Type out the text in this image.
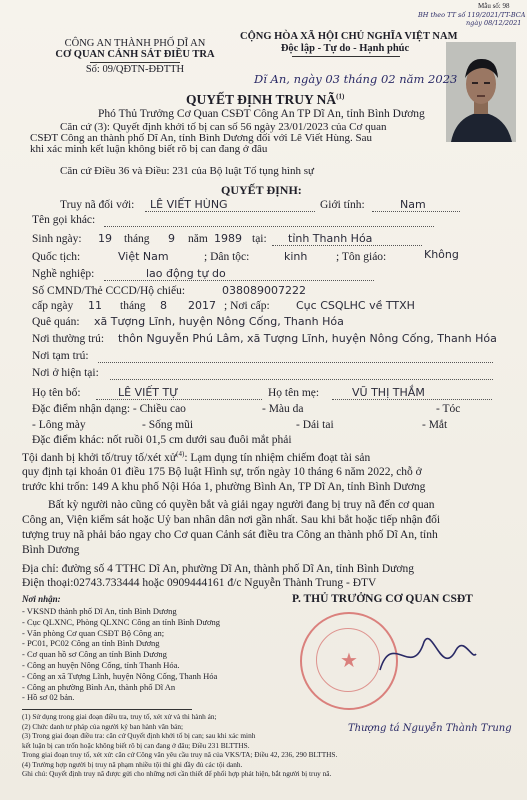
Mẫu số: 98
BH theo TT số 119/2021/TT-BCA
ngày 08/12/2021
CÔNG AN THÀNH PHỐ DĨ AN
CƠ QUAN CẢNH SÁT ĐIỀU TRA
Số: 09/QĐTN-ĐĐTTH
CỘNG HÒA XÃ HỘI CHỦ NGHĨA VIỆT NAM
Độc lập - Tự do - Hạnh phúc
Dĩ An, ngày 03 tháng 02 năm 2023
QUYẾT ĐỊNH TRUY NÃ$^{(1)}$
Phó Thủ Trưởng Cơ Quan CSĐT Công An TP Dĩ An, tỉnh Bình Dương
Căn cứ (3): Quyết định khởi tố bị can số 56 ngày 23/01/2023 của Cơ quan
CSĐT Công an thành phố Dĩ An, tỉnh Bình Dương đối với Lê Viết Hùng. Sau
khi xác minh kết luận không biết rõ bị can đang ở đâu
Căn cứ Điều 36 và Điều: 231 của Bộ luật Tố tụng hình sự
QUYẾT ĐỊNH:
Truy nã đối với: LÊ VIẾT HÙNG	Giới tính:	Nam
Tên gọi khác:
Sinh ngày: 19 tháng 9 năm 1989 tại: tỉnh Thanh Hóa
Quốc tịch:	Việt Nam	; Dân tộc:	kinh ; Tôn giáo:	Không
Nghề nghiệp:	lao động tự do
Số CMND/Thẻ CCCD/Hộ chiếu:	038089007222
cấp ngày 11 tháng 8 2017 ; Nơi cấp: Cục CSQLHC về TTXH
Quê quán: xã Tượng Lĩnh, huyện Nông Cống, Thanh Hóa
Nơi thường trú: thôn Nguyễn Phú Lâm, xã Tượng Lĩnh, huyện Nông Cống, Thanh Hóa
Nơi tạm trú:
Nơi ở hiện tại:
Họ tên bố:	LÊ VIẾT TỰ	Họ tên mẹ:	VŨ THỊ THẮM
Đặc điểm nhận dạng: - Chiều cao	- Màu da	- Tóc
- Lông mày	- Sống mũi	- Dái tai	- Mắt
Đặc điểm khác: nốt ruồi 01,5 cm dưới sau đuôi mắt phải
Tội danh bị khởi tố/truy tố/xét xử$^{(4)}$: Lạm dụng tín nhiệm chiếm đoạt tài sản
quy định tại khoản 01 điều 175 Bộ luật Hình sự, trốn ngày 10 tháng 6 năm 2022, chỗ ở
trước khi trốn: 149 A khu phố Nội Hóa 1, phường Bình An, TP Dĩ An, tỉnh Bình Dương
Bất kỳ người nào cũng có quyền bắt và giải ngay người đang bị truy nã đến cơ quan
Công an, Viện kiểm sát hoặc Uỷ ban nhân dân nơi gần nhất. Sau khi bắt hoặc tiếp nhận đối
tượng truy nã phải báo ngay cho Cơ quan Cảnh sát điều tra Công an thành phố Dĩ An, tỉnh
Bình Dương
Địa chỉ: đường số 4 TTHC Dĩ An, phường Dĩ An, thành phố Dĩ An, tỉnh Bình Dương
Điện thoại:02743.733444 hoặc 0909444161 đ/c Nguyễn Thành Trung - ĐTV
P. THỦ TRƯỞNG CƠ QUAN CSĐT
★
Thượng tá Nguyễn Thành Trung
Nơi nhận:
- VKSND thành phố Dĩ An, tỉnh Bình Dương
- Cục QLXNC, Phòng QLXNC Công an tỉnh Bình Dương
- Văn phòng Cơ quan CSĐT Bộ Công an;
- PC01, PC02 Công an tỉnh Bình Dương
- Cơ quan hồ sơ Công an tỉnh Bình Dương
- Công an huyện Nông Cống, tỉnh Thanh Hóa.
- Công an xã Tượng Lĩnh, huyện Nông Cống, Thanh Hóa
- Công an phường Bình An, thành phố Dĩ An
- Hồ sơ 02 bản.
(1) Sử dụng trong giai đoạn điều tra, truy tố, xét xử và thi hành án;
(2) Chức danh tư pháp của người ký ban hành văn bản;
(3) Trong giai đoạn điều tra: căn cứ Quyết định khởi tố bị can; sau khi xác minh
kết luận bị can trốn hoặc không biết rõ bị can đang ở đâu; Điều 231 BLTTHS.
Trong giai đoạn truy tố, xét xử: căn cứ Công văn yêu cầu truy nã của VKS/TA; Điều 42, 236, 290 BLTTHS.
(4) Trường hợp người bị truy nã phạm nhiều tội thì ghi đầy đủ các tội danh.
Ghi chú: Quyết định truy nã được gửi cho những nơi cần thiết để phối hợp phát hiện, bắt người bị truy nã.
